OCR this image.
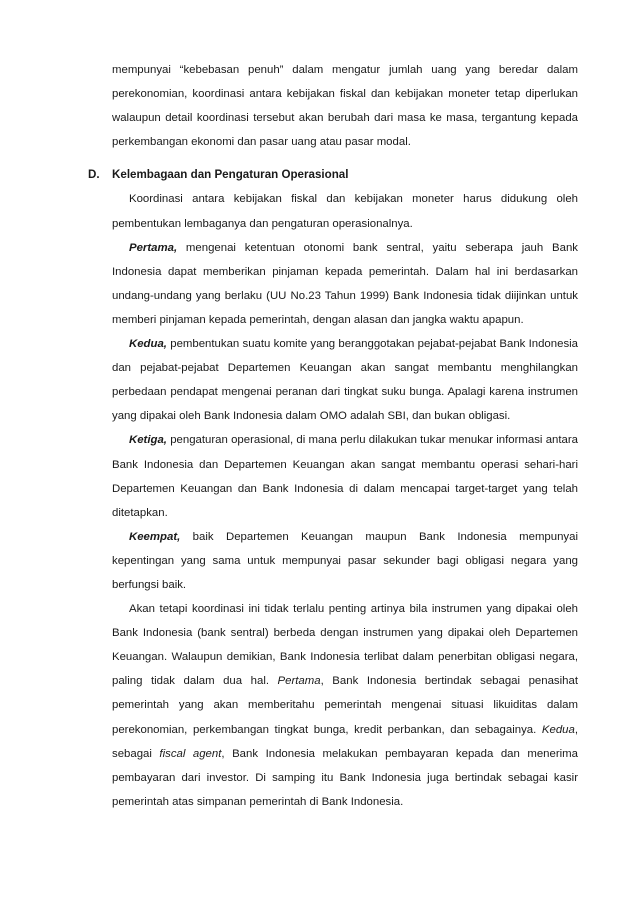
mempunyai “kebebasan penuh” dalam mengatur jumlah uang yang beredar dalam perekonomian, koordinasi antara kebijakan fiskal dan kebijakan moneter tetap diperlukan walaupun detail koordinasi tersebut akan berubah dari masa ke masa, tergantung kepada perkembangan ekonomi dan pasar uang atau pasar modal.

D. Kelembagaan dan Pengaturan Operasional

Koordinasi antara kebijakan fiskal dan kebijakan moneter harus didukung oleh pembentukan lembaganya dan pengaturan operasionalnya.

Pertama, mengenai ketentuan otonomi bank sentral, yaitu seberapa jauh Bank Indonesia dapat memberikan pinjaman kepada pemerintah. Dalam hal ini berdasarkan undang-undang yang berlaku (UU No.23 Tahun 1999) Bank Indonesia tidak diijinkan untuk memberi pinjaman kepada pemerintah, dengan alasan dan jangka waktu apapun.

Kedua, pembentukan suatu komite yang beranggotakan pejabat-pejabat Bank Indonesia dan pejabat-pejabat Departemen Keuangan akan sangat membantu menghilangkan perbedaan pendapat mengenai peranan dari tingkat suku bunga. Apalagi karena instrumen yang dipakai oleh Bank Indonesia dalam OMO adalah SBI, dan bukan obligasi.

Ketiga, pengaturan operasional, di mana perlu dilakukan tukar menukar informasi antara Bank Indonesia dan Departemen Keuangan akan sangat membantu operasi sehari-hari Departemen Keuangan dan Bank Indonesia di dalam mencapai target-target yang telah ditetapkan.

Keempat, baik Departemen Keuangan maupun Bank Indonesia mempunyai kepentingan yang sama untuk mempunyai pasar sekunder bagi obligasi negara yang berfungsi baik.

Akan tetapi koordinasi ini tidak terlalu penting artinya bila instrumen yang dipakai oleh Bank Indonesia (bank sentral) berbeda dengan instrumen yang dipakai oleh Departemen Keuangan. Walaupun demikian, Bank Indonesia terlibat dalam penerbitan obligasi negara, paling tidak dalam dua hal. Pertama, Bank Indonesia bertindak sebagai penasihat pemerintah yang akan memberitahu pemerintah mengenai situasi likuiditas dalam perekonomian, perkembangan tingkat bunga, kredit perbankan, dan sebagainya. Kedua, sebagai fiscal agent, Bank Indonesia melakukan pembayaran kepada dan menerima pembayaran dari investor. Di samping itu Bank Indonesia juga bertindak sebagai kasir pemerintah atas simpanan pemerintah di Bank Indonesia.
